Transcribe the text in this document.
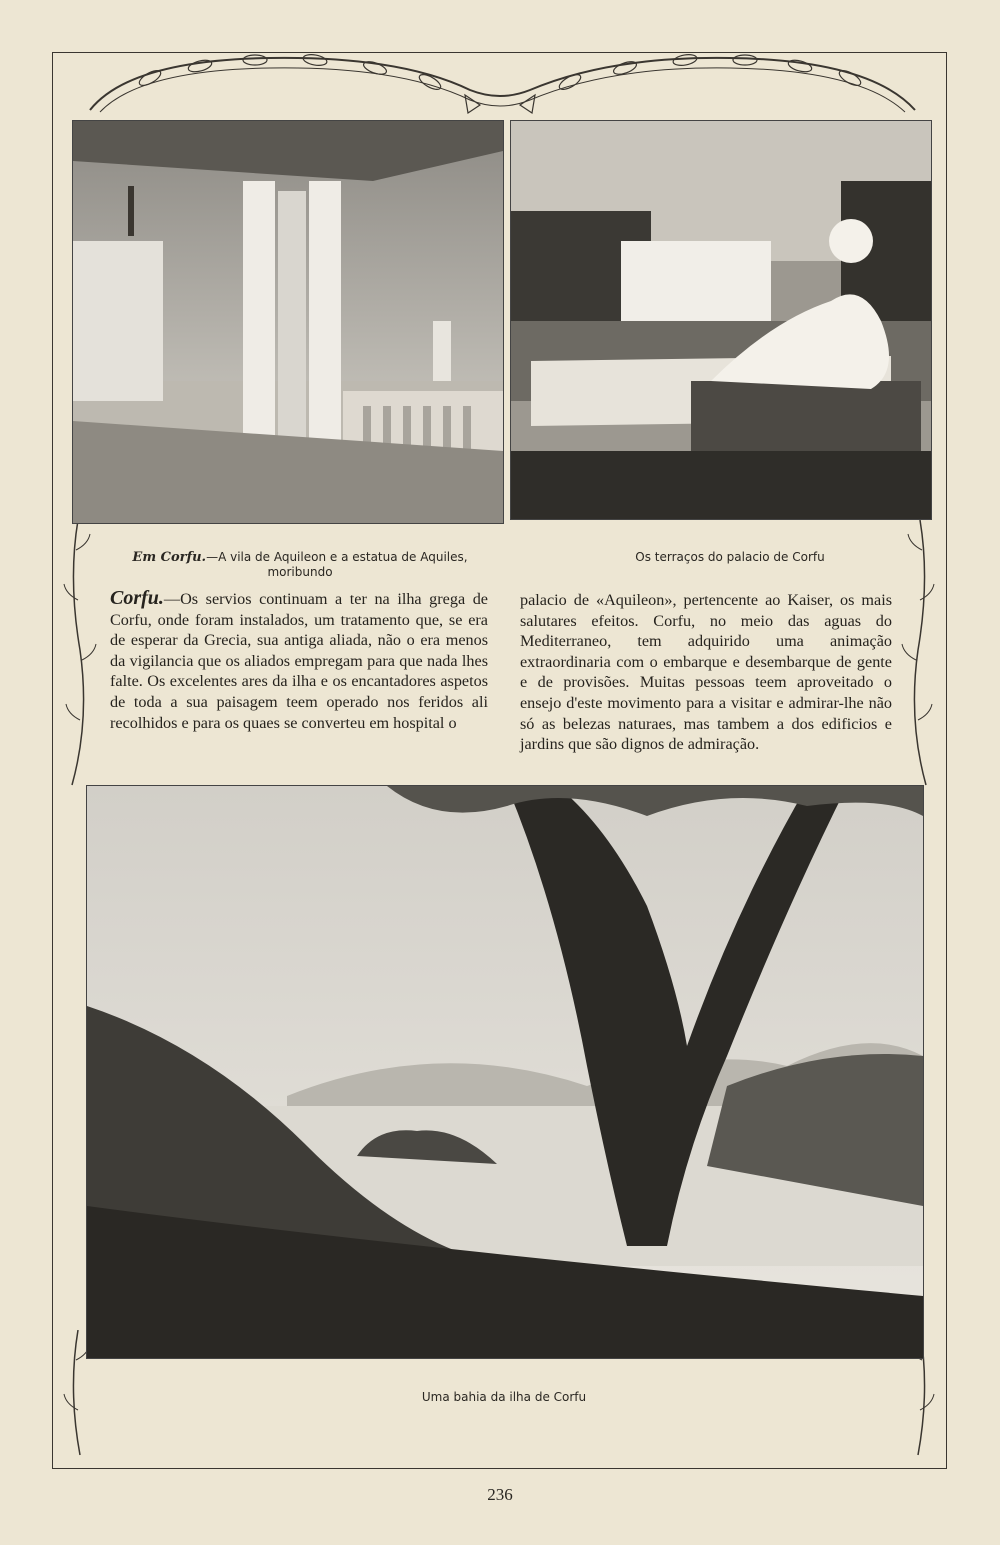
Em Corfu.—A vila de Aquileon e a estatua de Aquiles, moribundo
Os terraços do palacio de Corfu
Corfu.—Os servios continuam a ter na ilha grega de Corfu, onde foram instalados, um tratamento que, se era de esperar da Grecia, sua antiga aliada, não o era menos da vigilancia que os aliados empregam para que nada lhes falte. Os excelentes ares da ilha e os encantadores aspetos de toda a sua paisagem teem operado nos feridos ali recolhidos e para os quaes se converteu em hospital o
palacio de «Aquileon», pertencente ao Kaiser, os mais salutares efeitos. Corfu, no meio das aguas do Mediterraneo, tem adquirido uma animação extraordinaria com o embarque e desembarque de gente e de provisões. Muitas pessoas teem aproveitado o ensejo d'este movimento para a visitar e admirar-lhe não só as belezas naturaes, mas tambem a dos edificios e jardins que são dignos de admiração.
Uma bahia da ilha de Corfu
236
